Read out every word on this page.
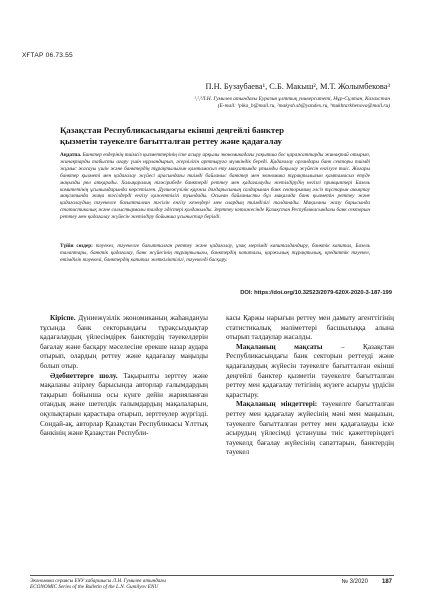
ХҒТАР 06.73.55
П.Н. Бузаубаева¹, С.Б. Макыш², М.Т. Жолымбекова³
¹,²,³Л.Н. Гумилев атындағы Еуразия ұлттық университеті, Нұр-Сұлтан, Казахстан
(E-mail: ¹pika_b@mail.ru, ²makysh.sb@yandex.ru, ³mukhtarkhenova@mail.ru)
Қазақстан Республикасындағы екінші деңгейлі банктер
қызметін тәуекелге бағытталған реттеу және қадағалау
Аңдатпа. Банктер өздерінің тиімсіз қызметтерінің іске асыру арқылы экономикадағы уақытша бос қаражаттарды жинақтай отырып, жинақтарды табысты ағару үшін нұрландырып, әсерлілігін арттыруға мүмкіндік береді. Қадағалау органдары банк секторы тиімді жұмыс жасауы үшін және банктердің тұрақтылығын қамтамасыз ету мақсатында ұтымды бақылау жүйесін енгізуге тиіс. Жоғары банктер қызметі мен қадағалау жүйесі арасындағы тиімді байланыс банктер мен экономика тұрақтылығын қамтамасыз етуде маңызды рөл атқарады. Халықаралық тәжірибеде банктерді реттеу мен қадағалауды жетілдірудің негізгі принциптері Базель комитетінің ұсынымдарында көрсетілген. Дүниежүзілік қаржы дағдарысының салдарынан банк секторының әлсіз тұстарын анықтау мақсатында жаңа тәсілдерді енгізу қажеттілігі туындады. Осыған байланысты бұл мақалада банк қызметін реттеу және қадағалаудың тәуекелге бағытталған тәсілін енгізу кезеңдері мен олардың тиімділігі талданады. Мақаланы жазу барысында статистикалық және салыстырмалы талдау әдістері қолданылды. Зерттеу нәтижесінде Қазақстан Республикасындағы банк секторын реттеу мен қадағалау жүйесін жетілдіру бойынша ұсыныстар берілді.
Түйін сөздер: тәуекел, тәуекелге бағытталған реттеу және қадағалау, ұзақ мерзімді капиталдандыру, банктік капитал, Базель талаптары, банктік қадағалау, банк жүйесінің тұрақтылығы, банктердің капиталы, қаржылық тұрақтылық, кредиттік тәуекел, өтімділік тәуекелі, банктердің капитал жеткіліктілігі, тәуекелді басқару.
DOI: https://doi.org/10.32523/2079-620X-2020-3-187-199

Кіріспе. Дүниежүзілік экономиканың жаһандануы тұсында банк секторындағы тұрақсыздықтар қадағалаудың үйлесімдірек банктердің тәуекелдерін бағалау және басқару мәселесіне ерекше назар аудара отырып, олардың реттеу және қадағалау маңызды болып отыр.

Әдебиеттерге шолу. Тақырыпты зерттеу және мақаланы әзірлеу барысында авторлар ғалымдардың тақырып бойынша осы күнге дейін жарияланған отандық және шетелдік ғалымдардың мақалаларын, оқулықтарын қарастыра отырып, зерттеулер жүргізді. Сондай-ақ, авторлар Қазақстан Республикасы Ұлттық банкінің және Қазақстан Республи-

касы Қаржы нарығын реттеу мен дамыту агенттігінің статистикалық мәліметтері басшылыққа алына отырып талдаулар жасалды.

Мақаланың мақсаты	– Қазақстан Республикасындағы банк секторын реттеуді және қадағалаудың жүйесін тәуекелге бағытталған екінші деңгейлі банктер қызметін тәуекелге бағытталған реттеу мен қадағалау тетігінің жүзеге асыруы үрдісін қарастыру.

Мақаланың міндеттері: тәуекелге бағытталған реттеу мен қадағалау жүйесінің мәні мен маңызын, тәуекелге бағытталған реттеу мен қадағалауды іске асырудың үйлесімді ұстанушы тиіс қажеттеріндегі тәуекелд бағалау жүйесінің сапаттарын, банктердің тәуекел

Экономика сериясы ЕҰУ хабаршысы Л.Н. Гумилев атындағы
ECONOMIC Series of the Bulletin of the L.N. Gumilyov ENU
№ 3/2020 187
